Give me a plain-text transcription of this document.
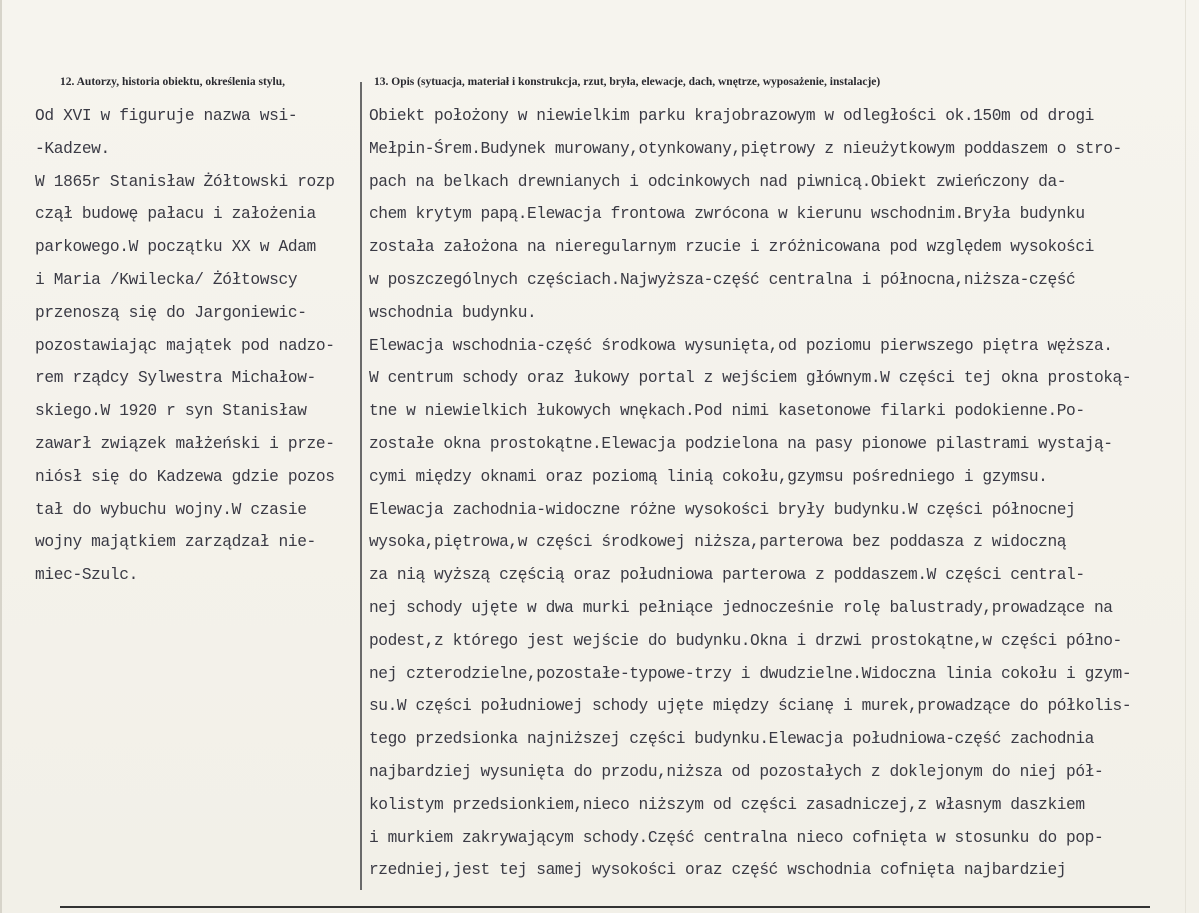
12. Autorzy, historia obiektu, określenia stylu,	13. Opis (sytuacja, materiał i konstrukcja, rzut, bryła, elewacje, dach, wnętrze, wyposażenie, instalacje)
Od XVI w figuruje nazwa wsi-
-Kadzew.
W 1865r Stanisław Żółtowski rozp
czął budowę pałacu i założenia
parkowego.W początku XX w Adam
i Maria /Kwilecka/ Żółtowscy
przenoszą się do Jargoniewic-
pozostawiając majątek pod nadzo-
rem rządcy Sylwestra Michałow-
skiego.W 1920 r syn Stanisław
zawarł związek małżeński i prze-
niósł się do Kadzewa gdzie pozos
tał do wybuchu wojny.W czasie
wojny majątkiem zarządzał nie-
miec-Szulc.
Obiekt położony w niewielkim parku krajobrazowym w odległości ok.150m od drogi
Mełpin-Śrem.Budynek murowany,otynkowany,piętrowy z nieużytkowym poddaszem o stro-
pach na belkach drewnianych i odcinkowych nad piwnicą.Obiekt zwieńczony da-
chem krytym papą.Elewacja frontowa zwrócona w kierunu wschodnim.Bryła budynku
została założona na nieregularnym rzucie i zróżnicowana pod względem wysokości
w poszczególnych częściach.Najwyższa-część centralna i północna,niższa-część
wschodnia budynku.
Elewacja wschodnia-część środkowa wysunięta,od poziomu pierwszego piętra węższa.
W centrum schody oraz łukowy portal z wejściem głównym.W części tej okna prostoką-
tne w niewielkich łukowych wnękach.Pod nimi kasetonowe filarki podokienne.Po-
zostałe okna prostokątne.Elewacja podzielona na pasy pionowe pilastrami wystają-
cymi między oknami oraz poziomą linią cokołu,gzymsu pośredniego i gzymsu.
Elewacja zachodnia-widoczne różne wysokości bryły budynku.W części północnej
wysoka,piętrowa,w części środkowej niższa,parterowa bez poddasza z widoczną
za nią wyższą częścią oraz południowa parterowa z poddaszem.W części central-
nej schody ujęte w dwa murki pełniące jednocześnie rolę balustrady,prowadzące na
podest,z którego jest wejście do budynku.Okna i drzwi prostokątne,w części półno-
nej czterodzielne,pozostałe-typowe-trzy i dwudzielne.Widoczna linia cokołu i gzym-
su.W części południowej schody ujęte między ścianę i murek,prowadzące do półkolis-
tego przedsionka najniższej części budynku.Elewacja południowa-część zachodnia
najbardziej wysunięta do przodu,niższa od pozostałych z doklejonym do niej pół-
kolistym przedsionkiem,nieco niższym od części zasadniczej,z własnym daszkiem
i murkiem zakrywającym schody.Część centralna nieco cofnięta w stosunku do pop-
rzedniej,jest tej samej wysokości oraz część wschodnia cofnięta najbardziej
